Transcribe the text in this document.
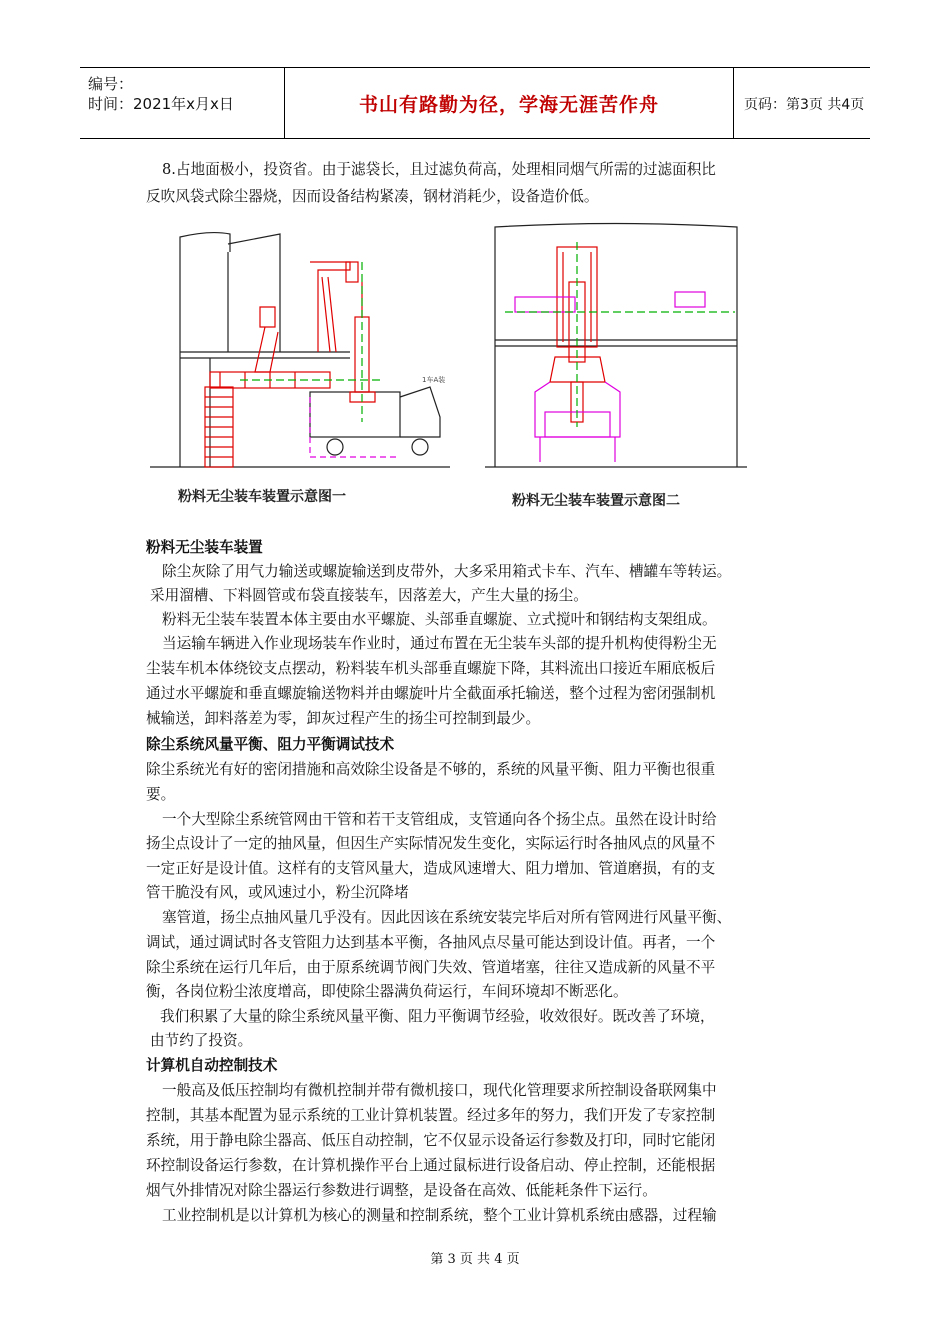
编号：
时间：2021年x月x日	书山有路勤为径，学海无涯苦作舟	页码：第3页 共4页
8.占地面极小，投资省。由于滤袋长，且过滤负荷高，处理相同烟气所需的过滤面积比
反吹风袋式除尘器烧，因而设备结构紧凑，钢材消耗少，设备造价低。
1车A装
粉料无尘装车装置示意图一	粉料无尘装车装置示意图二
粉料无尘装车装置
除尘灰除了用气力输送或螺旋输送到皮带外，大多采用箱式卡车、汽车、槽罐车等转运。
采用溜槽、下料圆管或布袋直接装车，因落差大，产生大量的扬尘。
粉料无尘装车装置本体主要由水平螺旋、头部垂直螺旋、立式搅叶和钢结构支架组成。
当运输车辆进入作业现场装车作业时，通过布置在无尘装车头部的提升机构使得粉尘无
尘装车机本体绕铰支点摆动，粉料装车机头部垂直螺旋下降，其料流出口接近车厢底板后
通过水平螺旋和垂直螺旋输送物料并由螺旋叶片全截面承托输送，整个过程为密闭强制机
械输送，卸料落差为零，卸灰过程产生的扬尘可控制到最少。
除尘系统风量平衡、阻力平衡调试技术
除尘系统光有好的密闭措施和高效除尘设备是不够的，系统的风量平衡、阻力平衡也很重
要。
一个大型除尘系统管网由干管和若干支管组成，支管通向各个扬尘点。虽然在设计时给
扬尘点设计了一定的抽风量，但因生产实际情况发生变化，实际运行时各抽风点的风量不
一定正好是设计值。这样有的支管风量大，造成风速增大、阻力增加、管道磨损，有的支
管干脆没有风，或风速过小，粉尘沉降堵
塞管道，扬尘点抽风量几乎没有。因此因该在系统安装完毕后对所有管网进行风量平衡、
调试，通过调试时各支管阻力达到基本平衡，各抽风点尽量可能达到设计值。再者，一个
除尘系统在运行几年后，由于原系统调节阀门失效、管道堵塞，往往又造成新的风量不平
衡，各岗位粉尘浓度增高，即使除尘器满负荷运行，车间环境却不断恶化。
我们积累了大量的除尘系统风量平衡、阻力平衡调节经验，收效很好。既改善了环境，
由节约了投资。
计算机自动控制技术
一般高及低压控制均有微机控制并带有微机接口，现代化管理要求所控制设备联网集中
控制，其基本配置为显示系统的工业计算机装置。经过多年的努力，我们开发了专家控制
系统，用于静电除尘器高、低压自动控制，它不仅显示设备运行参数及打印，同时它能闭
环控制设备运行参数，在计算机操作平台上通过鼠标进行设备启动、停止控制，还能根据
烟气外排情况对除尘器运行参数进行调整，是设备在高效、低能耗条件下运行。
工业控制机是以计算机为核心的测量和控制系统，整个工业计算机系统由感器，过程输
第 3 页 共 4 页
